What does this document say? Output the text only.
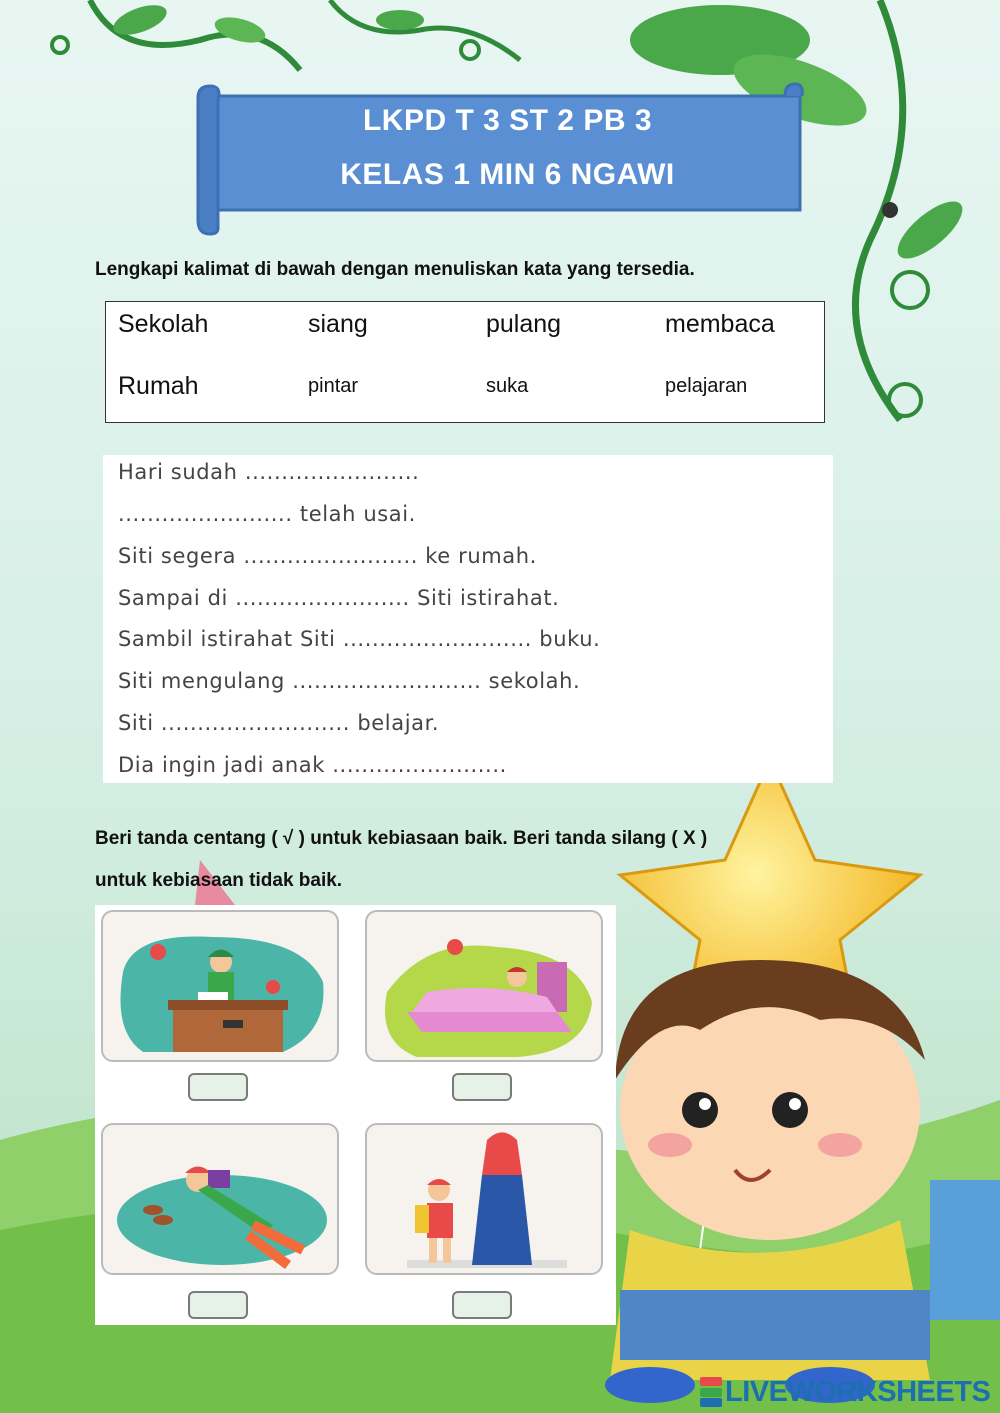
LKPD T 3 ST 2 PB 3
KELAS 1 MIN 6 NGAWI
Lengkapi kalimat di bawah dengan menuliskan kata yang tersedia.
Sekolah	siang	pulang	membaca
Rumah	pintar	suka	pelajaran
Hari sudah ........................
........................ telah usai.
Siti segera ........................ ke rumah.
Sampai di ........................ Siti istirahat.
Sambil istirahat Siti .......................... buku.
Siti mengulang .......................... sekolah.
Siti .......................... belajar.
Dia ingin jadi anak ........................
Beri tanda centang ( √ ) untuk kebiasaan baik. Beri tanda silang ( X )
untuk kebiasaan tidak baik.
LIVEWORKSHEETS
